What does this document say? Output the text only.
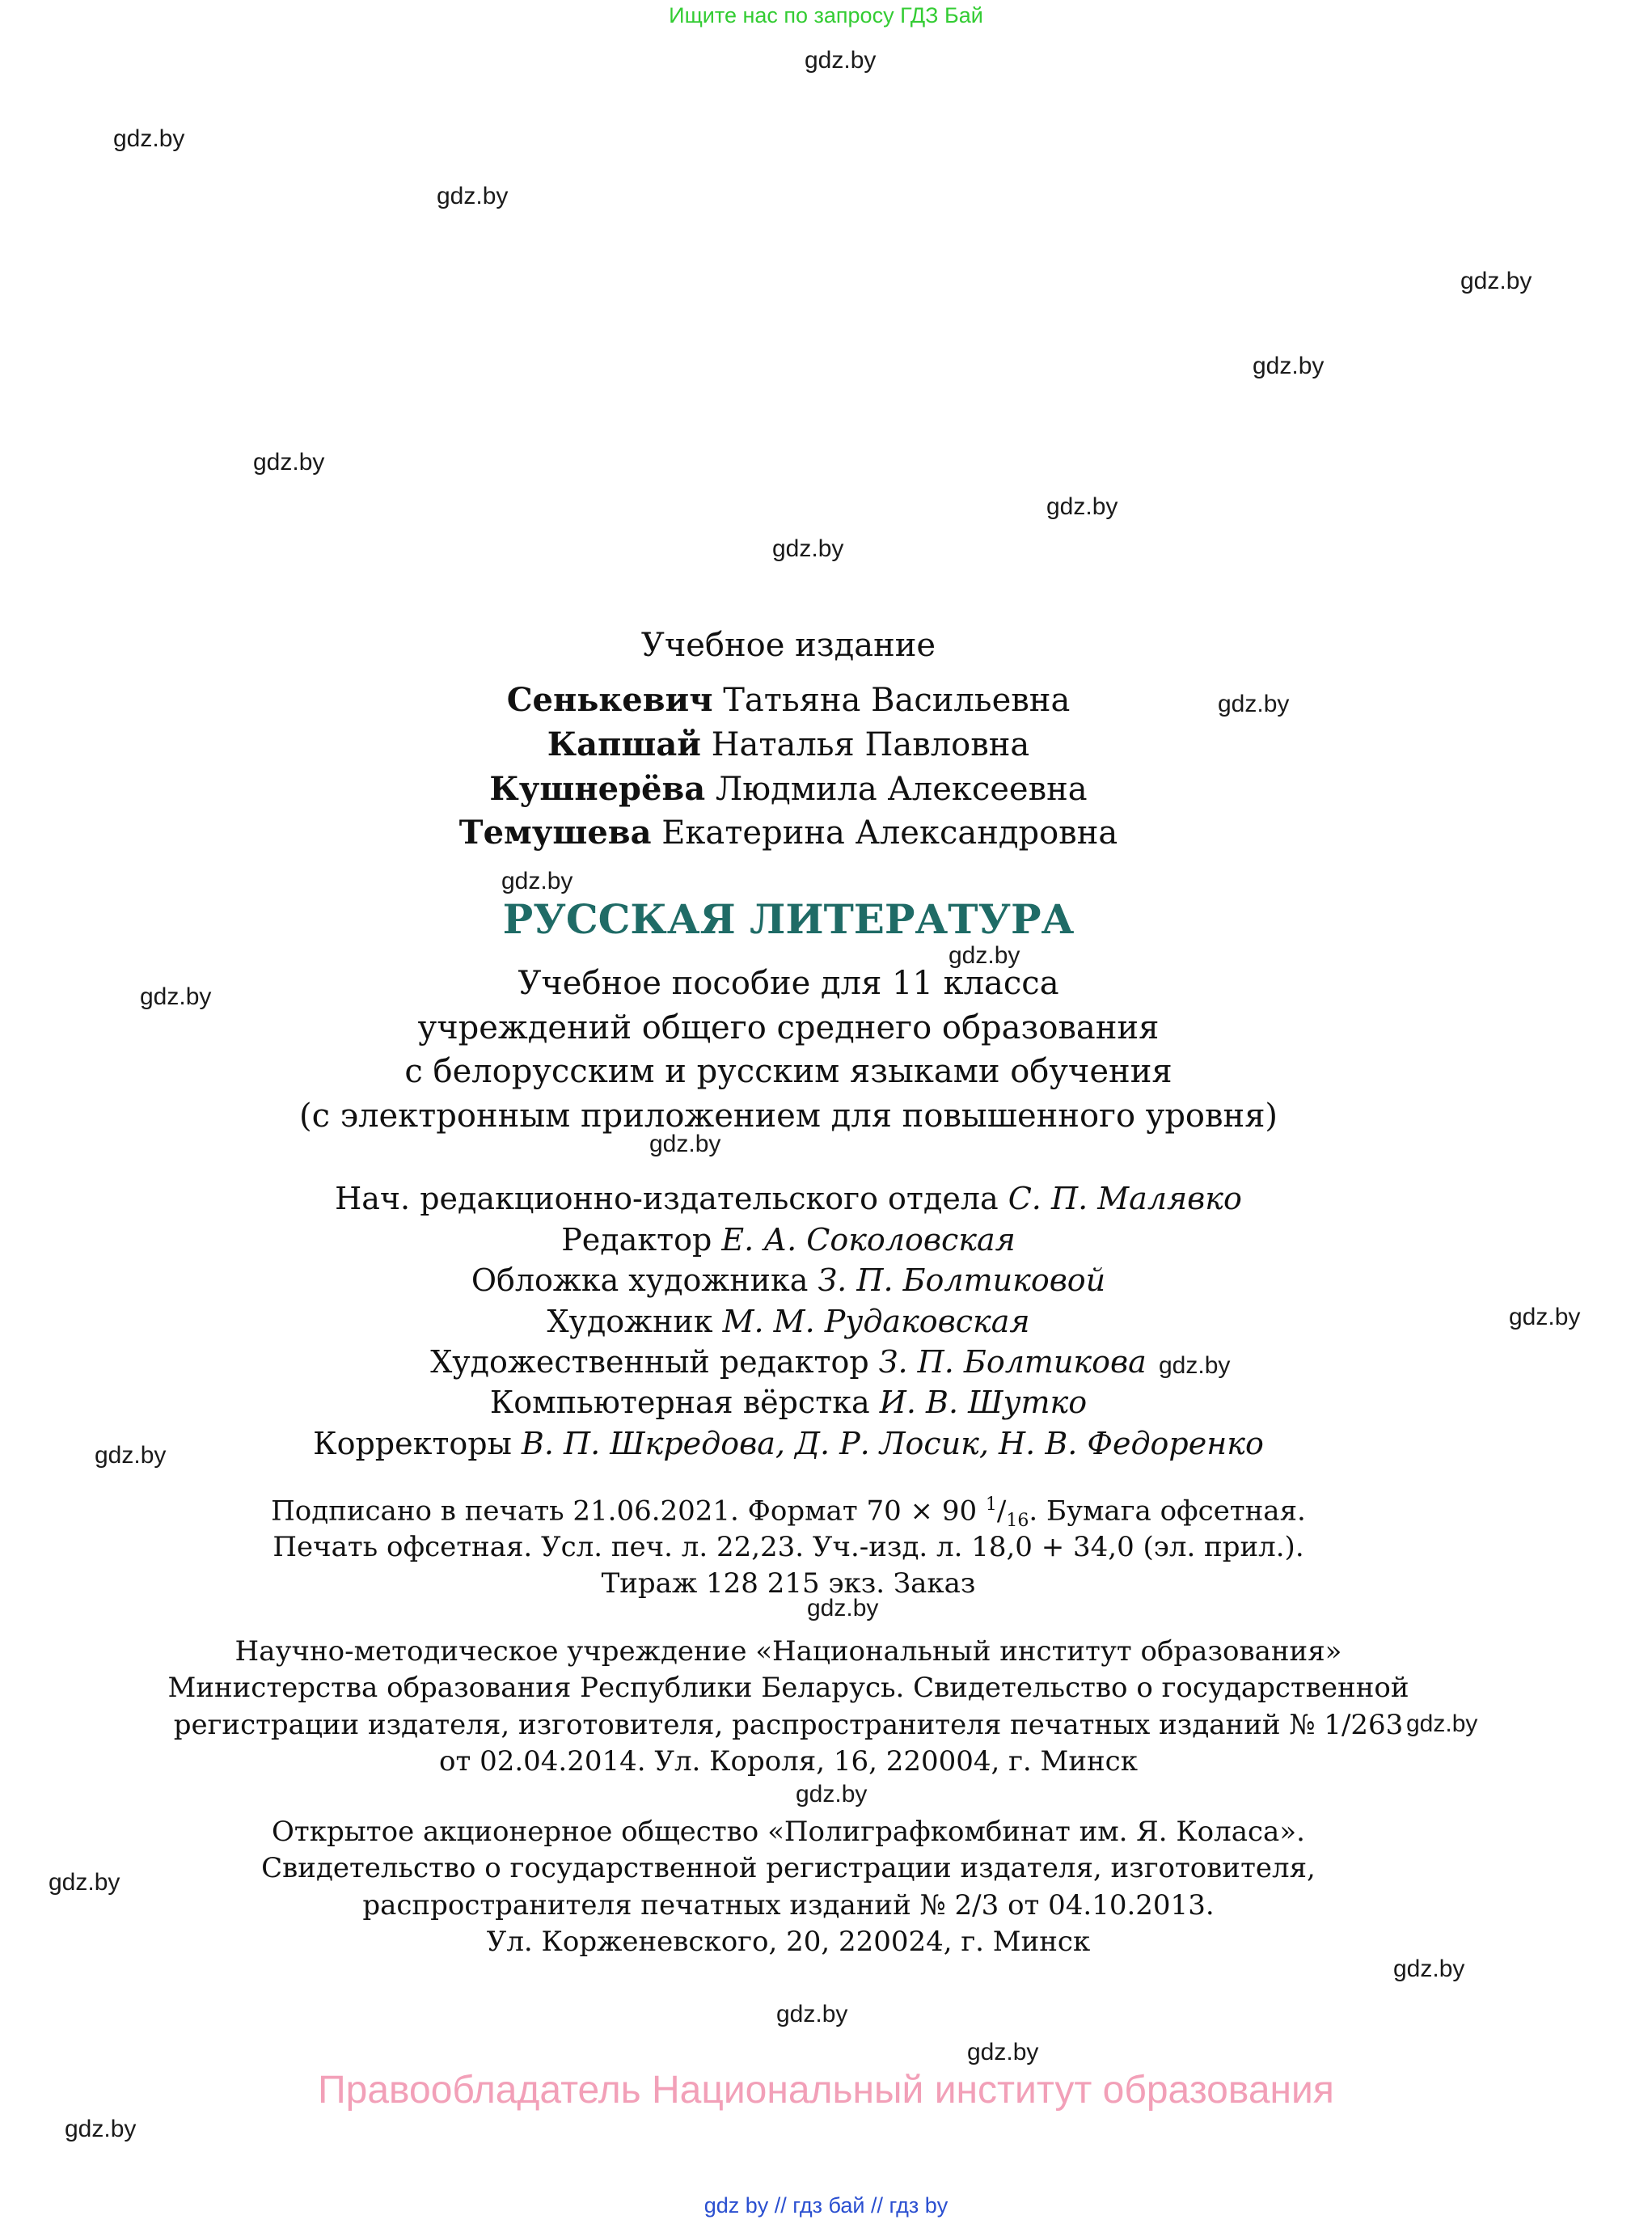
Ищите нас по запросу ГДЗ Бай
gdz.by
gdz.by
gdz.by
gdz.by
gdz.by
gdz.by
gdz.by
gdz.by
gdz.by
gdz.by
gdz.by
gdz.by
gdz.by
gdz.by
gdz.by
gdz.by
gdz.by
gdz.by
gdz.by
gdz.by
gdz.by
gdz.by
gdz.by
gdz.by
Учебное издание
Сенькевич Татьяна Васильевна
Капшай Наталья Павловна
Кушнерёва Людмила Алексеевна
Темушева Екатерина Александровна
РУССКАЯ ЛИТЕРАТУРА
Учебное пособие для 11 класса
учреждений общего среднего образования
с белорусским и русским языками обучения
(с электронным приложением для повышенного уровня)
Нач. редакционно-издательского отдела С. П. Малявко
Редактор Е. А. Соколовская
Обложка художника З. П. Болтиковой
Художник М. М. Рудаковская
Художественный редактор З. П. Болтикова
Компьютерная вёрстка И. В. Шутко
Корректоры В. П. Шкредова, Д. Р. Лосик, Н. В. Федоренко
Подписано в печать 21.06.2021. Формат 70 × 90 $^1/_{16}$. Бумага офсетная.
Печать офсетная. Усл. печ. л. 22,23. Уч.-изд. л. 18,0 + 34,0 (эл. прил.).
Тираж 128 215 экз. Заказ
Научно-методическое учреждение «Национальный институт образования»
Министерства образования Республики Беларусь. Свидетельство о государственной
регистрации издателя, изготовителя, распространителя печатных изданий № 1/263
от 02.04.2014. Ул. Короля, 16, 220004, г. Минск
Открытое акционерное общество «Полиграфкомбинат им. Я. Коласа».
Свидетельство о государственной регистрации издателя, изготовителя,
распространителя печатных изданий № 2/3 от 04.10.2013.
Ул. Корженевского, 20, 220024, г. Минск
Правообладатель Национальный институт образования
gdz by // гдз бай // гдз by
